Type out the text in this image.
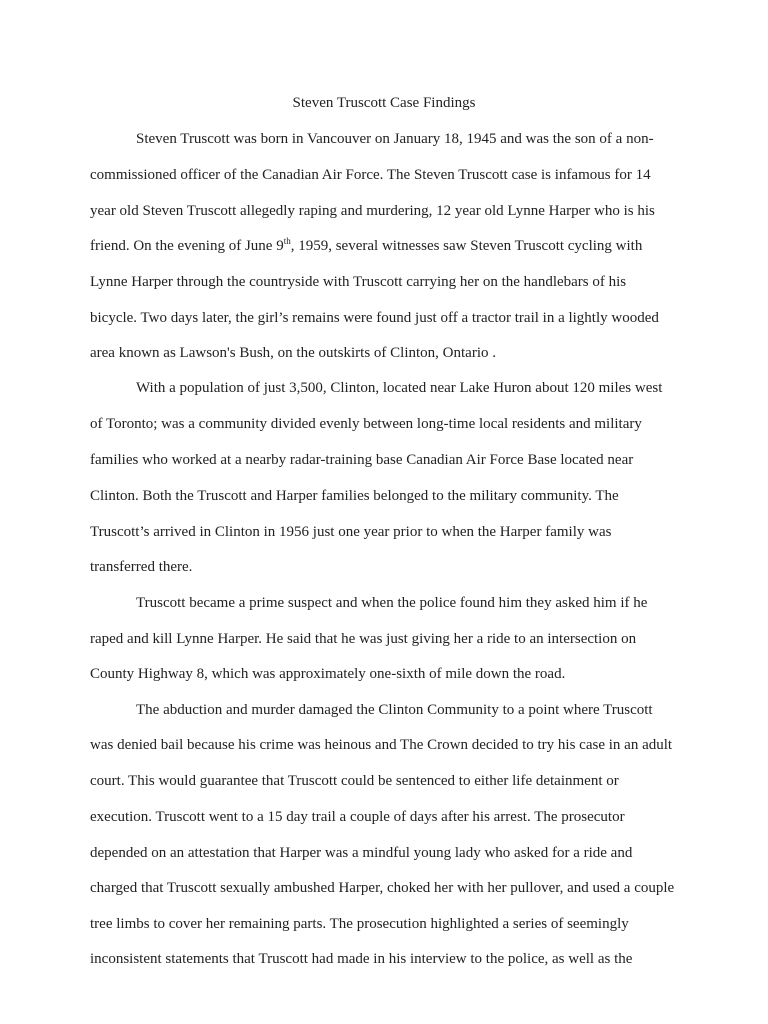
Steven Truscott Case Findings
Steven Truscott was born in Vancouver on January 18, 1945 and was the son of a non-
commissioned officer of the Canadian Air Force. The Steven Truscott case is infamous for 14
year old Steven Truscott allegedly raping and murdering, 12 year old Lynne Harper who is his
friend. On the evening of June 9th, 1959, several witnesses saw Steven Truscott cycling with
Lynne Harper through the countryside with Truscott carrying her on the handlebars of his
bicycle. Two days later, the girl’s remains were found just off a tractor trail in a lightly wooded
area known as Lawson's Bush, on the outskirts of Clinton, Ontario .
With a population of just 3,500, Clinton, located near Lake Huron about 120 miles west
of Toronto; was a community divided evenly between long-time local residents and military
families who worked at a nearby radar-training base Canadian Air Force Base located near
Clinton. Both the Truscott and Harper families belonged to the military community. The
Truscott’s arrived in Clinton in 1956 just one year prior to when the Harper family was
transferred there.
Truscott became a prime suspect and when the police found him they asked him if he
raped and kill Lynne Harper. He said that he was just giving her a ride to an intersection on
County Highway 8, which was approximately one-sixth of mile down the road.
The abduction and murder damaged the Clinton Community to a point where Truscott
was denied bail because his crime was heinous and The Crown decided to try his case in an adult
court. This would guarantee that Truscott could be sentenced to either life detainment or
execution. Truscott went to a 15 day trail a couple of days after his arrest. The prosecutor
depended on an attestation that Harper was a mindful young lady who asked for a ride and
charged that Truscott sexually ambushed Harper, choked her with her pullover, and used a couple
tree limbs to cover her remaining parts. The prosecution highlighted a series of seemingly
inconsistent statements that Truscott had made in his interview to the police, as well as the
